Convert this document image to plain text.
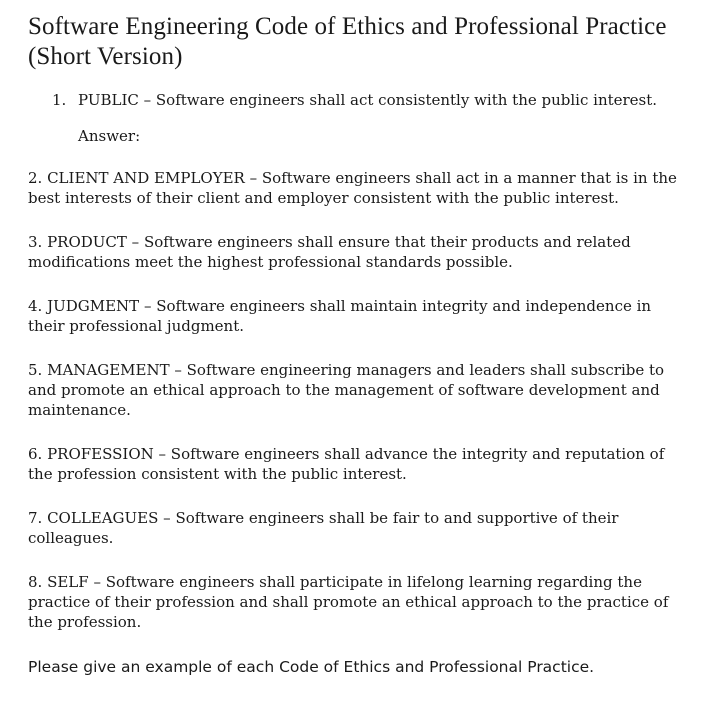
Software Engineering Code of Ethics and Professional Practice (Short Version)
1. PUBLIC – Software engineers shall act consistently with the public interest.
Answer:

2. CLIENT AND EMPLOYER – Software engineers shall act in a manner that is in the best interests of their client and employer consistent with the public interest.

3. PRODUCT – Software engineers shall ensure that their products and related modifications meet the highest professional standards possible.

4. JUDGMENT – Software engineers shall maintain integrity and independence in their professional judgment.

5. MANAGEMENT – Software engineering managers and leaders shall subscribe to and promote an ethical approach to the management of software development and maintenance.

6. PROFESSION – Software engineers shall advance the integrity and reputation of the profession consistent with the public interest.

7. COLLEAGUES – Software engineers shall be fair to and supportive of their colleagues.

8. SELF – Software engineers shall participate in lifelong learning regarding the practice of their profession and shall promote an ethical approach to the practice of the profession.

Please give an example of each Code of Ethics and Professional Practice.
